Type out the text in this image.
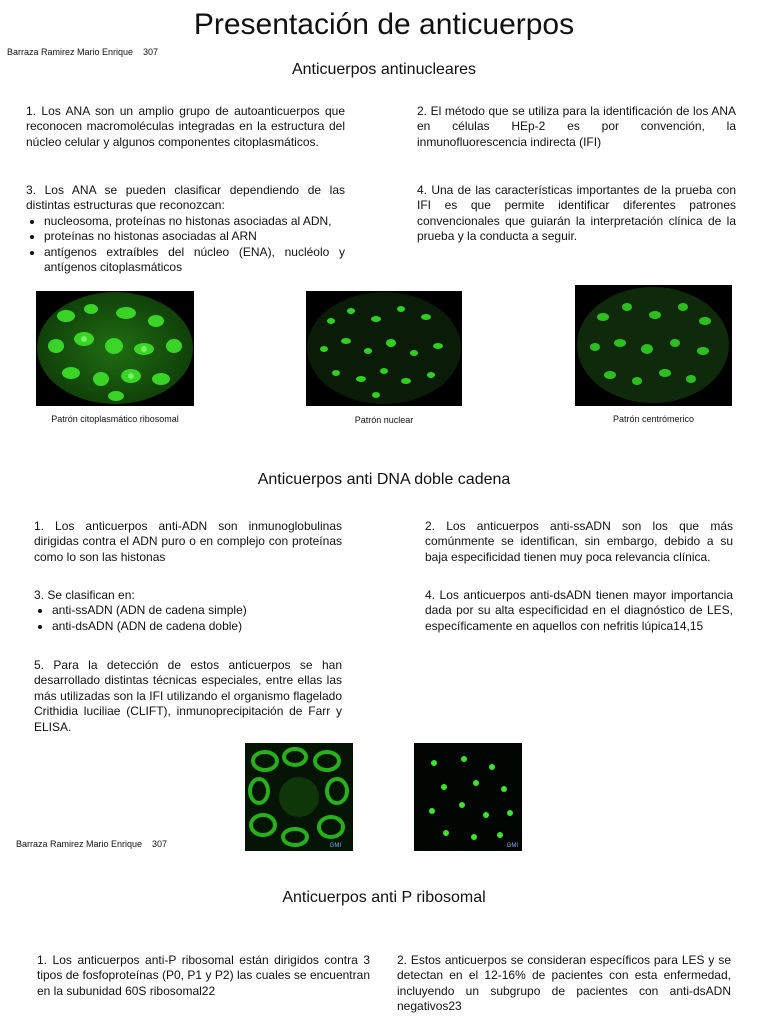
Presentación de anticuerpos
Barraza Ramirez Mario Enrique    307
Anticuerpos antinucleares
1. Los ANA son un amplio grupo de autoanticuerpos que reconocen macromoléculas integradas en la estructura del núcleo celular y algunos componentes citoplasmáticos.
2. El método que se utiliza para la identificación de los ANA en células HEp-2 es por convención, la inmunofluorescencia indirecta (IFI)
3. Los ANA se pueden clasificar dependiendo de las distintas estructuras que reconozcan:
• nucleosoma, proteínas no histonas asociadas al ADN,
• proteínas no histonas asociadas al ARN
• antígenos extraíbles del núcleo (ENA), nucléolo y antígenos citoplasmáticos
4. Una de las características importantes de la prueba con IFI es que permite identificar diferentes patrones convencionales que guiarán la interpretación clínica de la prueba y la conducta a seguir.
Patrón citoplasmático ribosomal	Patrón nuclear	Patrón centrómerico
Anticuerpos anti DNA doble cadena
1. Los anticuerpos anti-ADN son inmunoglobulinas dirigidas contra el ADN puro o en complejo con proteínas como lo son las histonas
2. Los anticuerpos anti-ssADN son los que más comúnmente se identifican, sin embargo, debido a su baja especificidad tienen muy poca relevancia clínica.
3. Se clasifican en:
• anti-ssADN (ADN de cadena simple)
• anti-dsADN (ADN de cadena doble)
4. Los anticuerpos anti-dsADN tienen mayor importancia dada por su alta especificidad en el diagnóstico de LES, específicamente en aquellos con nefritis lúpica14,15
5. Para la detección de estos anticuerpos se han desarrollado distintas técnicas especiales, entre ellas las más utilizadas son la IFI utilizando el organismo flagelado Crithidia luciliae (CLIFT), inmunoprecipitación de Farr y ELISA.
GMI	GMI
Barraza Ramirez Mario Enrique    307
Anticuerpos anti P ribosomal
1. Los anticuerpos anti-P ribosomal están dirigidos contra 3 tipos de fosfoproteínas (P0, P1 y P2) las cuales se encuentran en la subunidad 60S ribosomal22
2. Estos anticuerpos se consideran específicos para LES y se detectan en el 12-16% de pacientes con esta enfermedad, incluyendo un subgrupo de pacientes con anti-dsADN negativos23
